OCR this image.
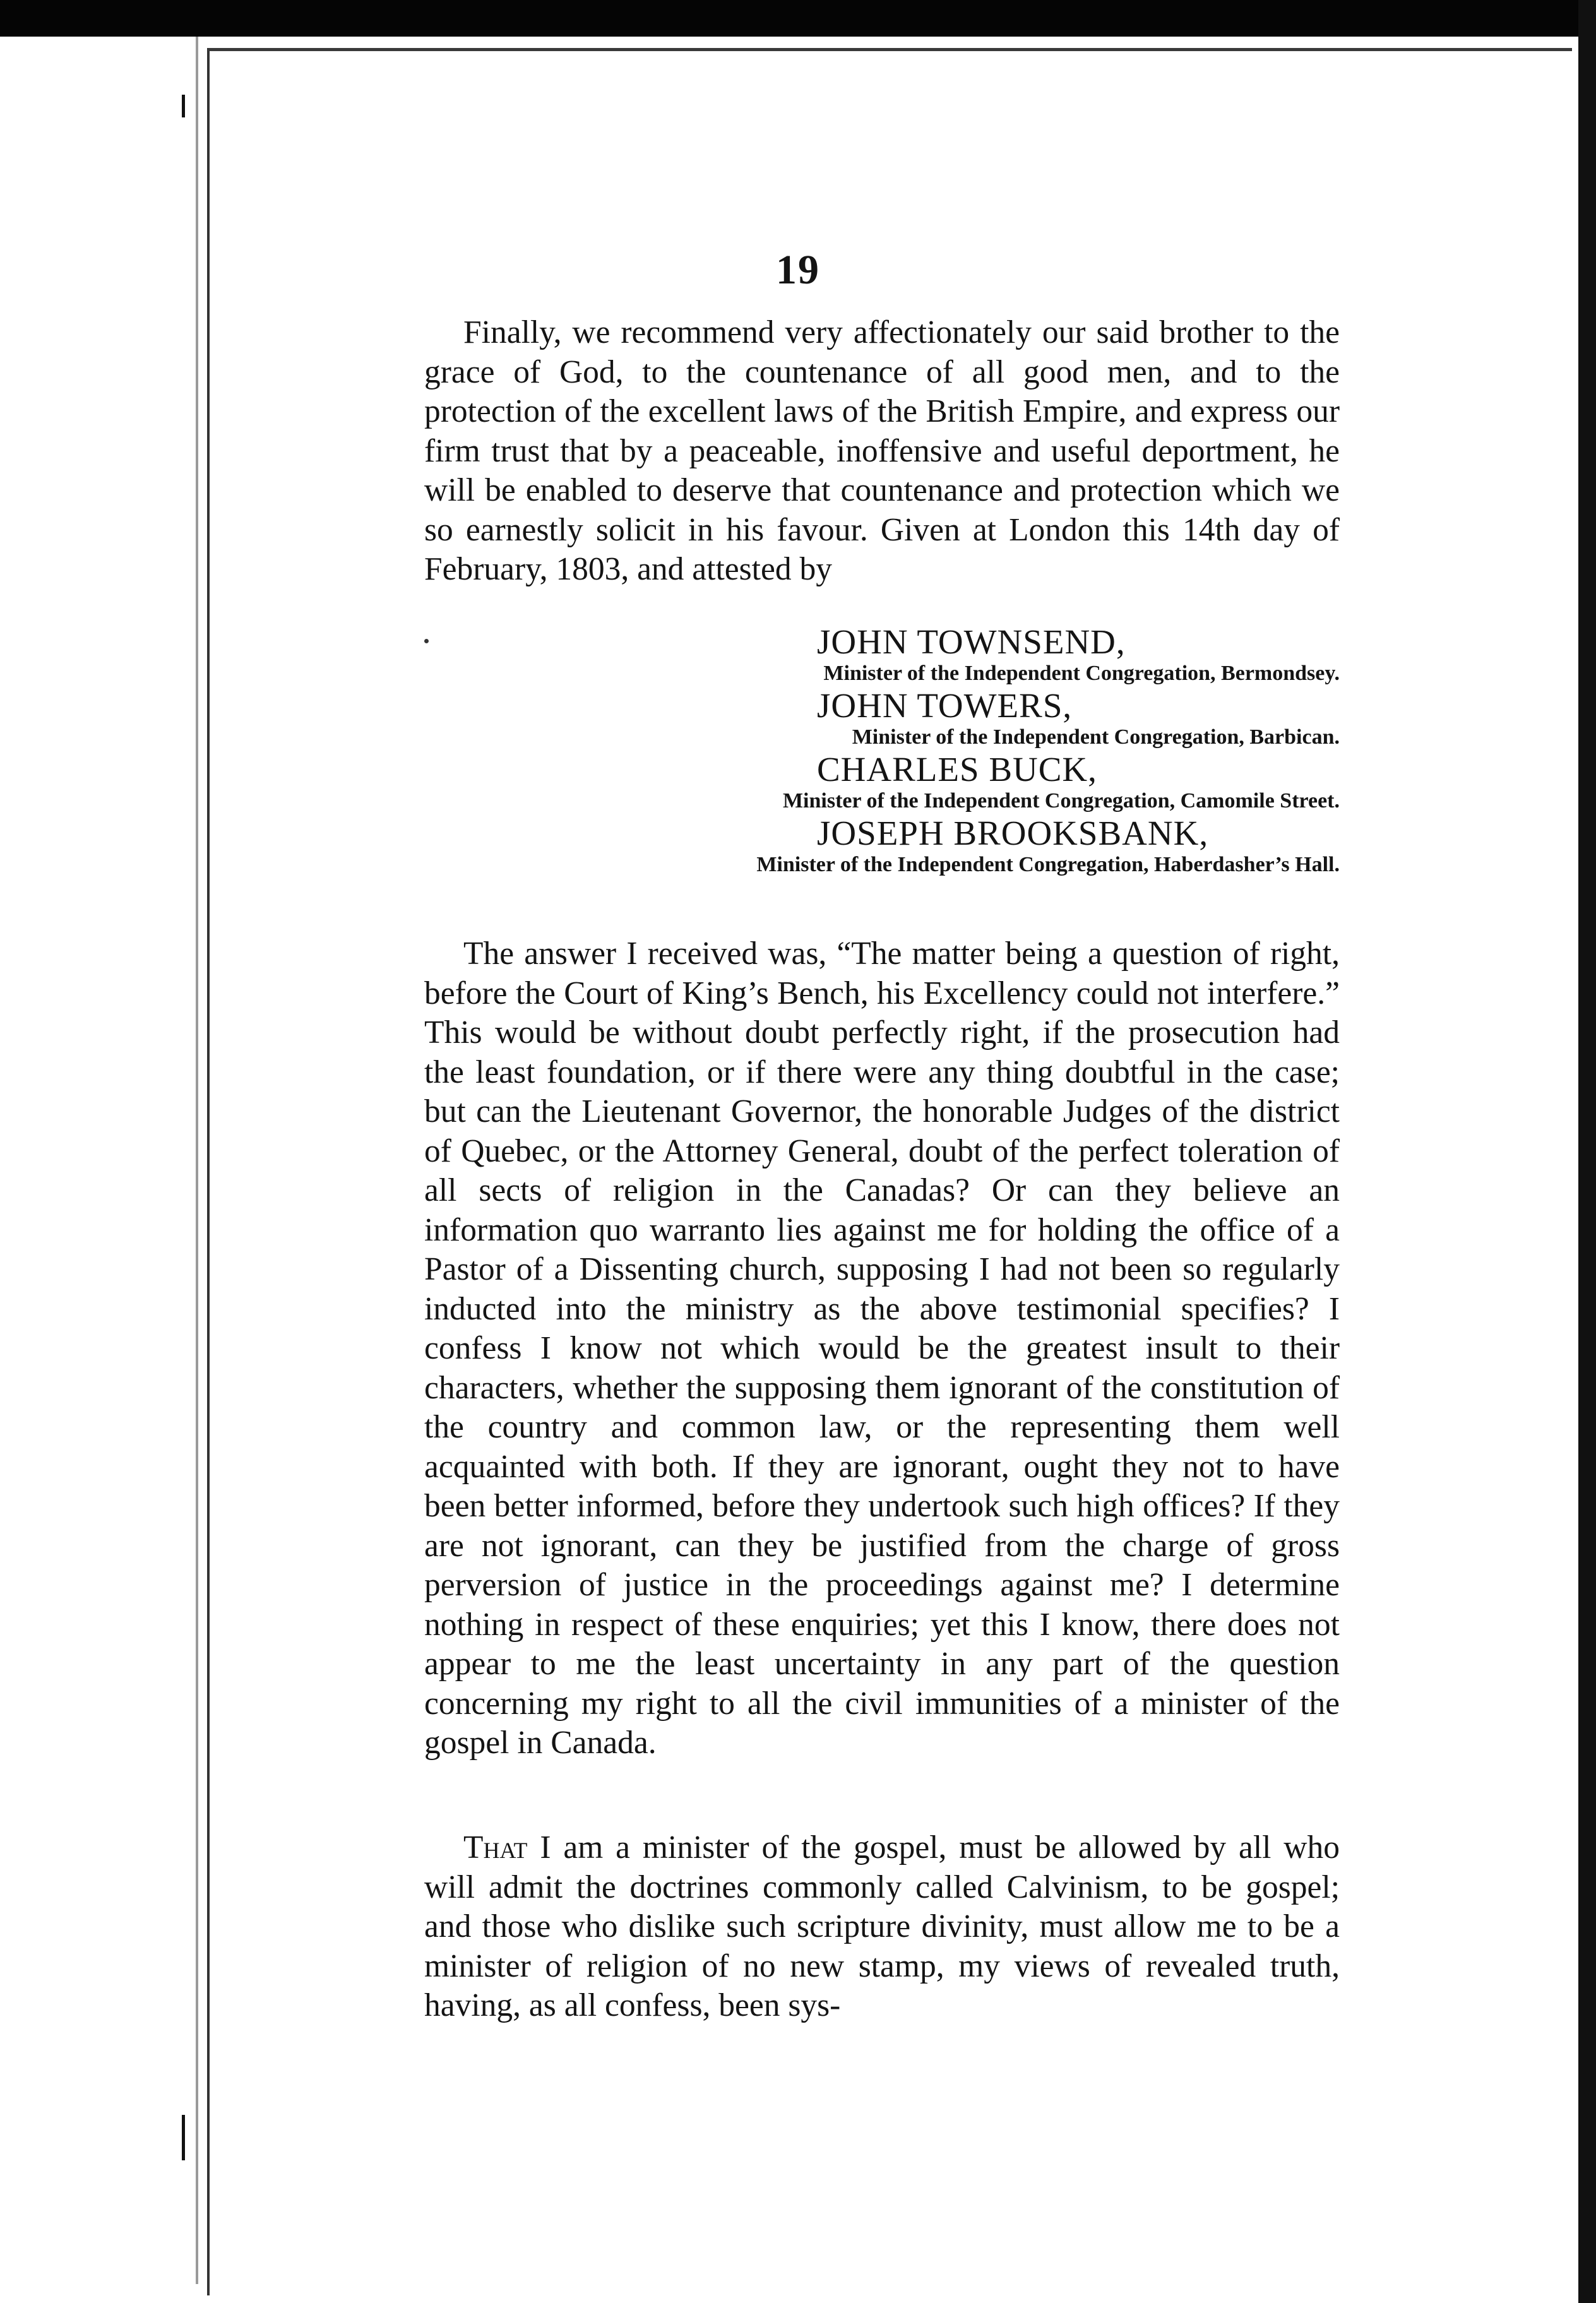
19

Finally, we recommend very affectionately our said brother to the grace of God, to the countenance of all good men, and to the protection of the excellent laws of the British Empire, and express our firm trust that by a peaceable, inoffensive and useful deportment, he will be enabled to deserve that countenance and protection which we so earnestly solicit in his favour. Given at London this 14th day of February, 1803, and attested by

JOHN TOWNSEND,
Minister of the Independent Congregation, Bermondsey.
JOHN TOWERS,
Minister of the Independent Congregation, Barbican.
CHARLES BUCK,
Minister of the Independent Congregation, Camomile Street.
JOSEPH BROOKSBANK,
Minister of the Independent Congregation, Haberdasher’s Hall.

The answer I received was, “The matter being a question of right, before the Court of King’s Bench, his Excellency could not interfere.” This would be without doubt perfectly right, if the prosecution had the least foundation, or if there were any thing doubtful in the case; but can the Lieutenant Governor, the honorable Judges of the district of Quebec, or the Attorney General, doubt of the perfect toleration of all sects of religion in the Canadas? Or can they believe an information quo warranto lies against me for holding the office of a Pastor of a Dissenting church, supposing I had not been so regularly inducted into the ministry as the above testimonial specifies? I confess I know not which would be the greatest insult to their characters, whether the supposing them ignorant of the constitution of the country and common law, or the representing them well acquainted with both. If they are ignorant, ought they not to have been better informed, before they undertook such high offices? If they are not ignorant, can they be justified from the charge of gross perversion of justice in the proceedings against me? I determine nothing in respect of these enquiries; yet this I know, there does not appear to me the least uncertainty in any part of the question concerning my right to all the civil immunities of a minister of the gospel in Canada.

That I am a minister of the gospel, must be allowed by all who will admit the doctrines commonly called Calvinism, to be gospel; and those who dislike such scripture divinity, must allow me to be a minister of religion of no new stamp, my views of revealed truth, having, as all confess, been sys-
